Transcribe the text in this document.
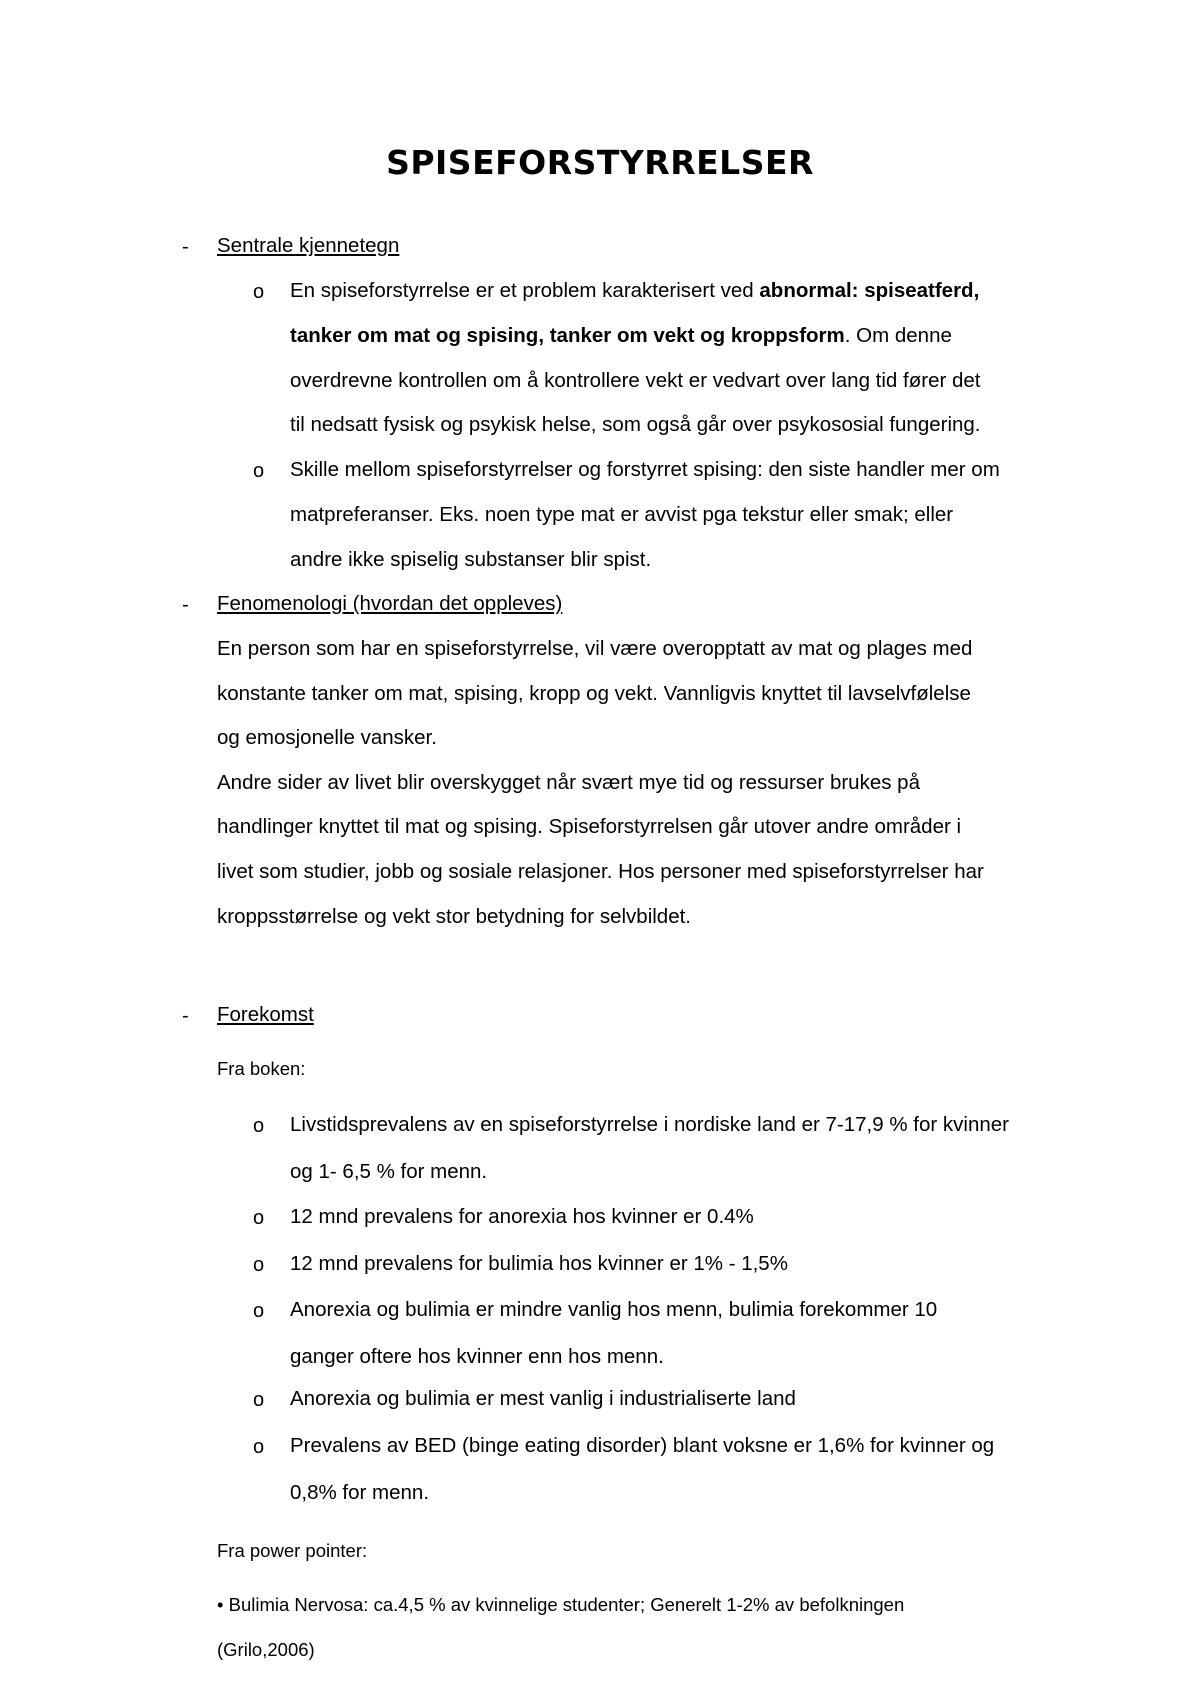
SPISEFORSTYRRELSER
- Sentrale kjennetegn
o En spiseforstyrrelse er et problem karakterisert ved abnormal: spiseatferd,
tanker om mat og spising, tanker om vekt og kroppsform. Om denne
overdrevne kontrollen om å kontrollere vekt er vedvart over lang tid fører det
til nedsatt fysisk og psykisk helse, som også går over psykososial fungering.
o Skille mellom spiseforstyrrelser og forstyrret spising: den siste handler mer om
matpreferanser. Eks. noen type mat er avvist pga tekstur eller smak; eller
andre ikke spiselig substanser blir spist.
- Fenomenologi (hvordan det oppleves)
En person som har en spiseforstyrrelse, vil være overopptatt av mat og plages med
konstante tanker om mat, spising, kropp og vekt. Vannligvis knyttet til lavselvfølelse
og emosjonelle vansker.
Andre sider av livet blir overskygget når svært mye tid og ressurser brukes på
handlinger knyttet til mat og spising. Spiseforstyrrelsen går utover andre områder i
livet som studier, jobb og sosiale relasjoner. Hos personer med spiseforstyrrelser har
kroppsstørrelse og vekt stor betydning for selvbildet.
- Forekomst
Fra boken:
o Livstidsprevalens av en spiseforstyrrelse i nordiske land er 7-17,9 % for kvinner
og 1- 6,5 % for menn.
o 12 mnd prevalens for anorexia hos kvinner er 0.4%
o 12 mnd prevalens for bulimia hos kvinner er 1% - 1,5%
o Anorexia og bulimia er mindre vanlig hos menn, bulimia forekommer 10
ganger oftere hos kvinner enn hos menn.
o Anorexia og bulimia er mest vanlig i industrialiserte land
o Prevalens av BED (binge eating disorder) blant voksne er 1,6% for kvinner og
0,8% for menn.
Fra power pointer:
• Bulimia Nervosa: ca.4,5 % av kvinnelige studenter; Generelt 1-2% av befolkningen
(Grilo,2006)
